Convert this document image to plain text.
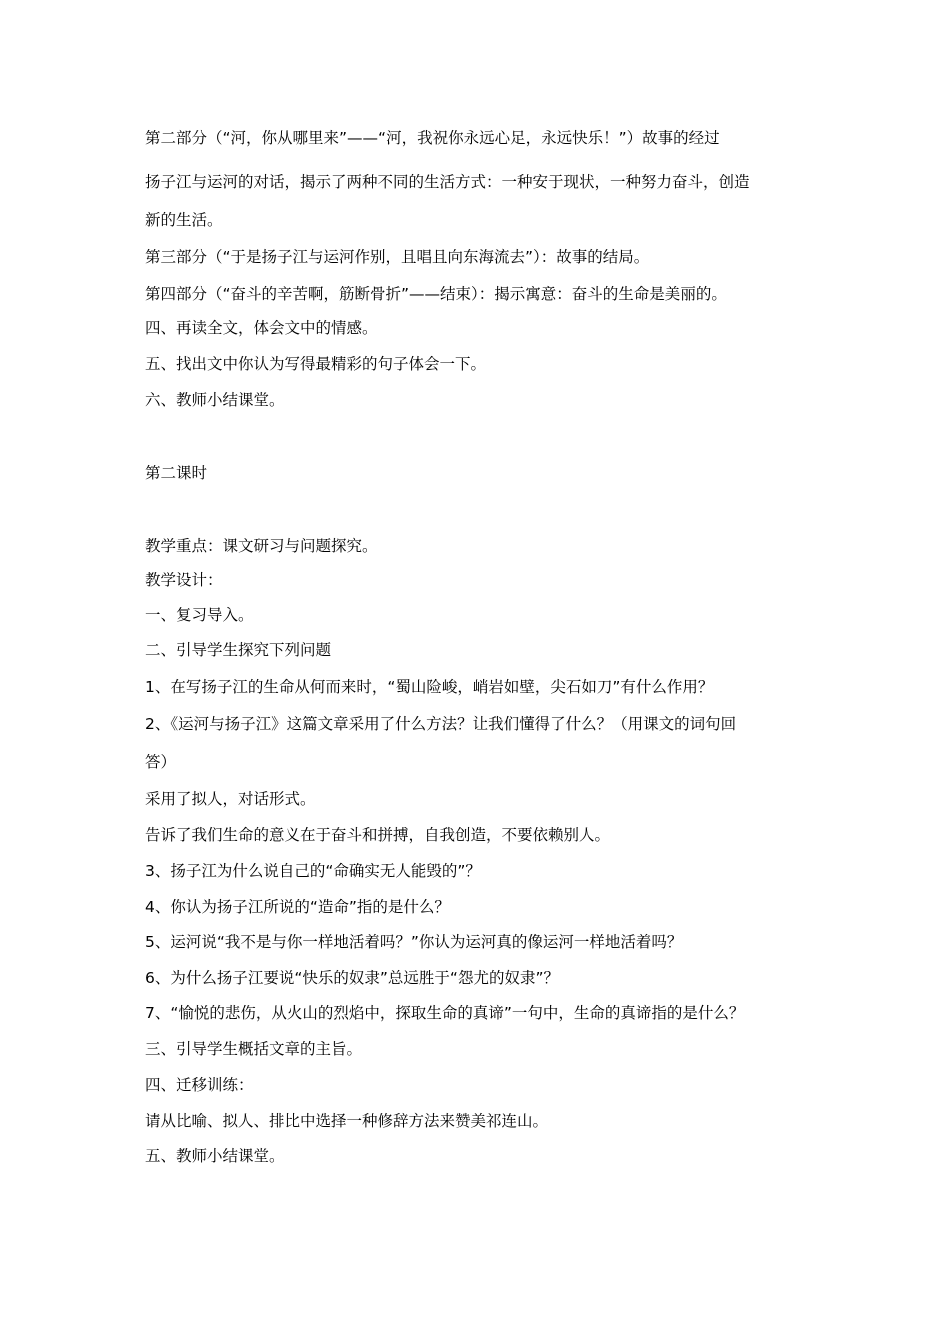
第二部分（“河，你从哪里来”——“河，我祝你永远心足，永远快乐！”）故事的经过
扬子江与运河的对话，揭示了两种不同的生活方式：一种安于现状，一种努力奋斗，创造
新的生活。
第三部分（“于是扬子江与运河作别，且唱且向东海流去”）：故事的结局。
第四部分（“奋斗的辛苦啊，筋断骨折”——结束）：揭示寓意：奋斗的生命是美丽的。
四、再读全文，体会文中的情感。
五、找出文中你认为写得最精彩的句子体会一下。
六、教师小结课堂。
第二课时
教学重点：课文研习与问题探究。
教学设计：
一、复习导入。
二、引导学生探究下列问题
1、在写扬子江的生命从何而来时，“蜀山险峻，峭岩如壁，尖石如刀”有什么作用？
2、《运河与扬子江》这篇文章采用了什么方法？让我们懂得了什么？（用课文的词句回
答）
采用了拟人，对话形式。
告诉了我们生命的意义在于奋斗和拼搏，自我创造，不要依赖别人。
3、扬子江为什么说自己的“命确实无人能毁的”？
4、你认为扬子江所说的“造命”指的是什么？
5、运河说“我不是与你一样地活着吗？”你认为运河真的像运河一样地活着吗？
6、为什么扬子江要说“快乐的奴隶”总远胜于“怨尤的奴隶”？
7、“愉悦的悲伤，从火山的烈焰中，探取生命的真谛”一句中，生命的真谛指的是什么？
三、引导学生概括文章的主旨。
四、迁移训练：
请从比喻、拟人、排比中选择一种修辞方法来赞美祁连山。
五、教师小结课堂。
